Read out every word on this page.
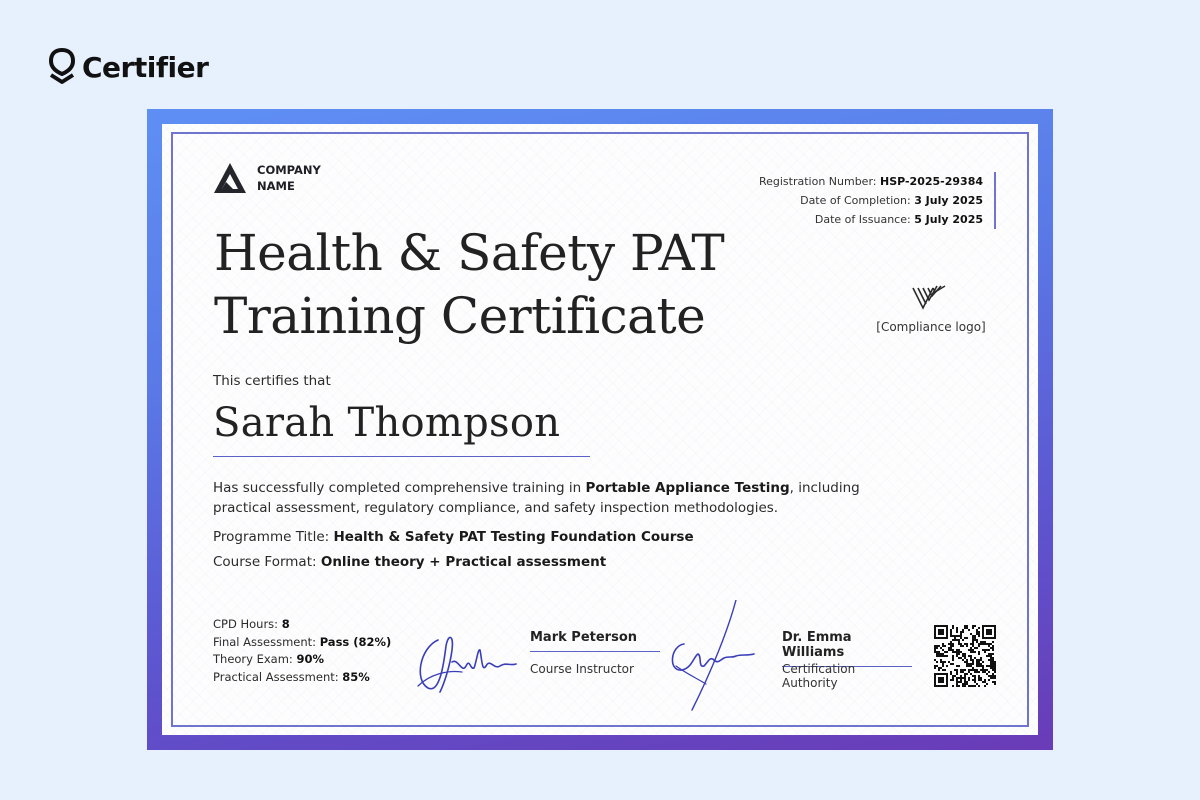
Certifier
COMPANY
NAME	Registration Number: HSP-2025-29384
Date of Completion: 3 July 2025
Date of Issuance: 5 July 2025
Health & Safety PAT
Training Certificate	[Compliance logo]
This certifies that
Sarah Thompson

Has successfully completed comprehensive training in Portable Appliance Testing, including practical assessment, regulatory compliance, and safety inspection methodologies.

Programme Title: Health & Safety PAT Testing Foundation Course
Course Format: Online theory + Practical assessment
CPD Hours: 8
Final Assessment: Pass (82%)
Theory Exam: 90%
Practical Assessment: 85%
Mark Peterson
Course Instructor
Dr. Emma Williams
Certification Authority
